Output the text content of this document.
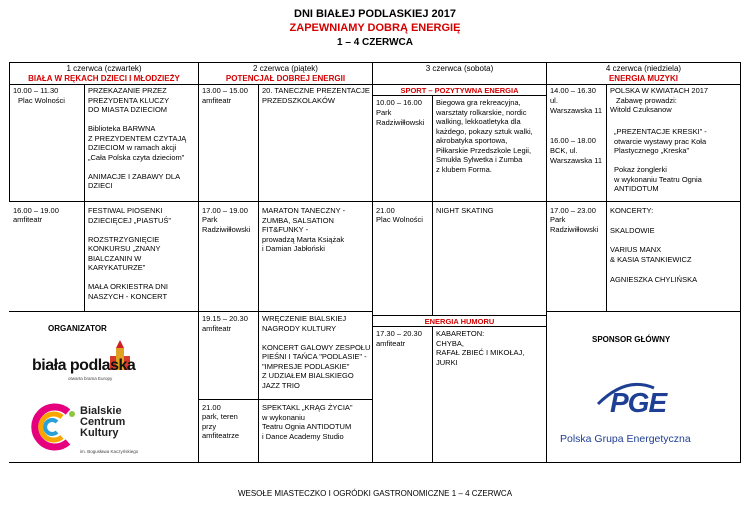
DNI BIAŁEJ PODLASKIEJ 2017
ZAPEWNIAMY DOBRĄ ENERGIĘ
1 – 4 CZERWCA
1 czerwca (czwartek)
BIAŁA W RĘKACH DZIECI I MŁODZIEŻY
2 czerwca (piątek)
POTENCJAŁ DOBREJ ENERGII
3 czerwca (sobota)
SPORT – POZYTYWNA ENERGIA
4 czerwca (niedziela)
ENERGIA MUZYKI
10.00 – 11.30
Plac Wolności
PRZEKAZANIE PRZEZ
PREZYDENTA KLUCZY
DO MIASTA DZIECIOM

Biblioteka BARWNA
Z PREZYDENTEM CZYTAJĄ
DZIECIOM w ramach akcji
„Cała Polska czyta dzieciom”

ANIMACJE I ZABAWY DLA
DZIECI
16.00 – 19.00
amfiteatr
FESTIWAL PIOSENKI
DZIECIĘCEJ „PIASTUŚ”

ROZSTRZYGNIĘCIE
KONKURSU „ZNANY
BIALCZANIN W
KARYKATURZE”

MAŁA ORKIESTRA DNI
NASZYCH - KONCERT
13.00 – 15.00
amfiteatr
20. TANECZNE PREZENTACJE
PRZEDSZKOLAKÓW
17.00 – 19.00
Park
Radziwiłłowski
MARATON TANECZNY -
ZUMBA, SALSATION
FIT&FUNKY -
prowadzą Marta Książak
i Damian Jabłoński
19.15 – 20.30
amfiteatr
WRĘCZENIE BIALSKIEJ
NAGRODY KULTURY

KONCERT GALOWY ZESPOŁU
PIEŚNI I TAŃCA "PODLASIE" -
"IMPRESJE PODLASKIE"
Z UDZIAŁEM BIALSKIEGO
JAZZ TRIO
21.00
park, teren
przy
amfiteatrze
SPEKTAKL „KRĄG ŻYCIA”
w wykonaniu
Teatru Ognia ANTIDOTUM
i Dance Academy Studio
10.00 – 16.00
Park
Radziwiłłowski
Biegowa gra rekreacyjna,
warsztaty rolkarskie, nordic
walking, lekkoatletyka dla
każdego, pokazy sztuk walki,
akrobatyka sportowa,
Piłkarskie Przedszkole Legii,
Smukła Sylwetka i Zumba
z klubem Forma.
21.00
Plac Wolności
NIGHT SKATING
ENERGIA HUMORU
17.30 – 20.30
amfiteatr
KABARETON:
CHYBA,
RAFAŁ ZBIEĆ I MIKOŁAJ,
JURKI
14.00 – 16.30
ul.
Warszawska 11
POLSKA W KWIATACH 2017
Zabawę prowadzi:
Witold Czuksanow
16.00 – 18.00
BCK, ul.
Warszawska 11
„PREZENTACJE KRESKI” -
otwarcie wystawy prac Koła
Plastycznego „Kreska”

Pokaz żonglerki
w wykonaniu Teatru Ognia
ANTIDOTUM
17.00 – 23.00
Park
Radziwiłłowski
KONCERTY:

SKALDOWIE

VARIUS MANX
& KASIA STANKIEWICZ

AGNIESZKA CHYLIŃSKA
ORGANIZATOR
biała podlaska
otwarta brama Europy
Bialskie
Centrum
Kultury
im. Bogusława Kaczyńskiego
SPONSOR GŁÓWNY
PGE
Polska Grupa Energetyczna
WESOŁE MIASTECZKO I OGRÓDKI GASTRONOMICZNE 1 – 4 CZERWCA
